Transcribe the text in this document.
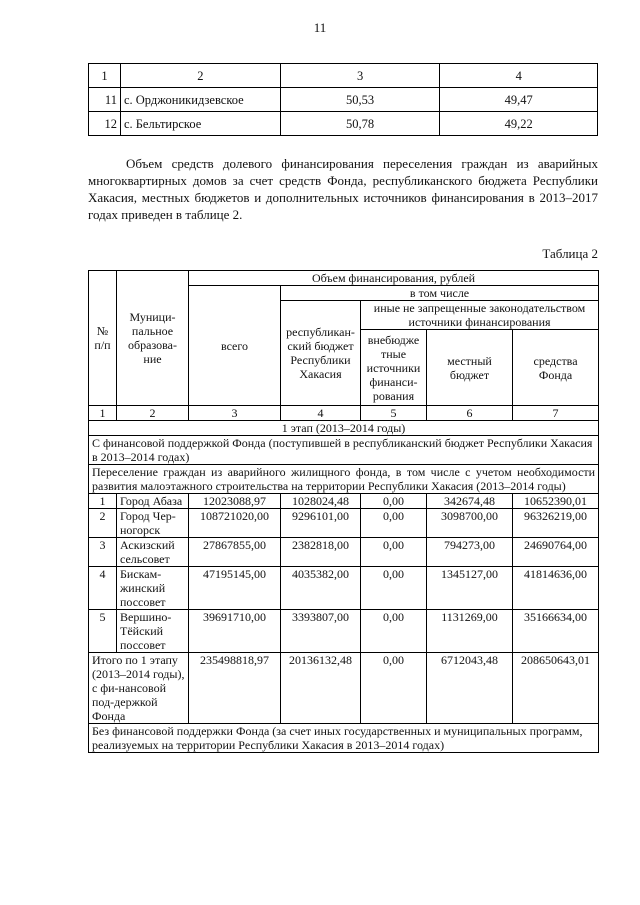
11
1	2	3	4
11	с. Орджоникидзевское	50,53	49,47
12	с. Бельтирское	50,78	49,22

Объем средств долевого финансирования переселения граждан из аварийных многоквартирных домов за счет средств Фонда, республиканского бюджета Республики Хакасия, местных бюджетов и дополнительных источников финансирования в 2013–2017 годах приведен в таблице 2.

Таблица 2
№ п/п	Муници-пальное образова-ние	Объем финансирования, рублей				
		всего	в том числе			
			республикан-ский бюджет Республики Хакасия	иные не запрещенные законодательством источники финансирования		
				внебюдже тные источники финанси-рования	местный бюджет	средства Фонда
1	2	3	4	5	6	7
1 этап (2013–2014 годы)						
С финансовой поддержкой Фонда (поступившей в республиканский бюджет Республики Хакасия в 2013–2014 годах)						
Переселение граждан из аварийного жилищного фонда, в том числе с учетом необходимости развития малоэтажного строительства на территории Республики Хакасия (2013–2014 годы)						
1	Город Абаза	12023088,97	1028024,48	0,00	342674,48	10652390,01
2	Город Чер-ногорск	108721020,00	9296101,00	0,00	3098700,00	96326219,00
3	Аскизский сельсовет	27867855,00	2382818,00	0,00	794273,00	24690764,00
4	Бискам-жинский поссовет	47195145,00	4035382,00	0,00	1345127,00	41814636,00
5	Вершино-Тёйский поссовет	39691710,00	3393807,00	0,00	1131269,00	35166634,00
Итого по 1 этапу (2013–2014 годы), с фи-нансовой под-держкой Фонда		235498818,97	20136132,48	0,00	6712043,48	208650643,01
Без финансовой поддержки Фонда (за счет иных государственных и муниципальных программ, реализуемых на территории Республики Хакасия в 2013–2014 годах)						
